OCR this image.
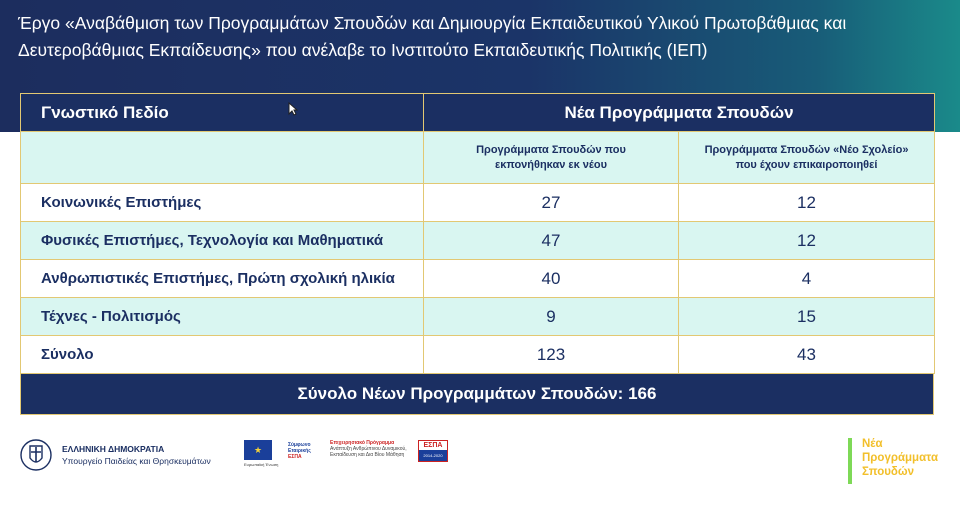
Έργο «Αναβάθμιση των Προγραμμάτων Σπουδών και Δημιουργία Εκπαιδευτικού Υλικού Πρωτοβάθμιας και Δευτεροβάθμιας Εκπαίδευσης» που ανέλαβε το Ινστιτούτο Εκπαιδευτικής Πολιτικής (ΙΕΠ)
Γνωστικό Πεδίο	Νέα Προγράμματα Σπουδών	

	Προγράμματα Σπουδών που εκπονήθηκαν εκ νέου	Προγράμματα Σπουδών «Νέο Σχολείο» που έχουν επικαιροποιηθεί

Κοινωνικές Επιστήμες	27	12
Φυσικές Επιστήμες, Τεχνολογία και Μαθηματικά	47	12
Ανθρωπιστικές Επιστήμες, Πρώτη σχολική ηλικία	40	4
Τέχνες - Πολιτισμός	9	15
Σύνολο	123	43
Σύνολο Νέων Προγραμμάτων Σπουδών: 166
ΕΛΛΗΝΙΚΗ ΔΗΜΟΚΡΑΤΙΑ
Υπουργείο Παιδείας και Θρησκευμάτων
★
Ευρωπαϊκή Ένωση
Σύμφωνο
Εταιρικής
ΕΣΠΑ
Επιχειρησιακό Πρόγραμμα
Ανάπτυξη Ανθρώπινου Δυναμικού,
Εκπαίδευση και Δια Βίου Μάθηση
ΕΣΠΑ
2014-2020
Νέα
Προγράμματα
Σπουδών
